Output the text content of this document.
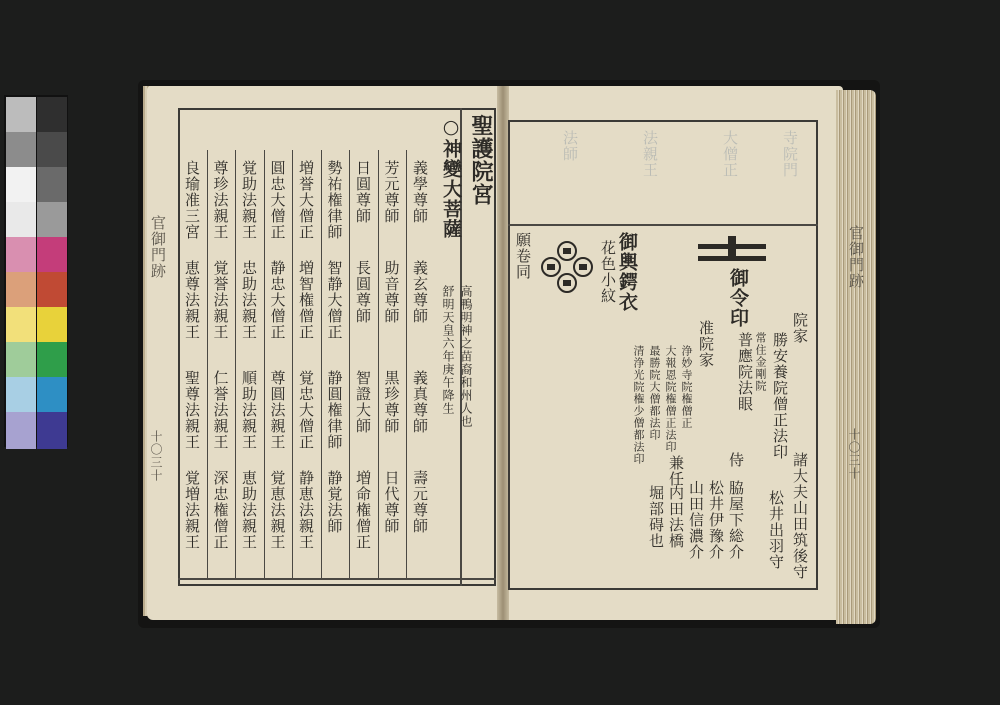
聖護院宮
○神變大菩薩
高鴨明神之苗裔和州人也
舒明天皇六年庚午降生
義學尊師
義玄尊師
義真尊師
壽元尊師
芳元尊師
助音尊師
黒珍尊師
日代尊師
日圓尊師
長圓尊師
智證大師
増命権僧正
勢祐権律師
智静大僧正
静圓権律師
静覚法師
増誉大僧正
増智権僧正
覚忠大僧正
静恵法親王
圓忠大僧正
静忠大僧正
尊圓法親王
覚恵法親王
覚助法親王
忠助法親王
順助法親王
恵助法親王
尊珍法親王
覚誉法親王
仁誉法親王
深忠権僧正
良瑜准三宮
恵尊法親王
聖尊法親王
覚増法親王
官御門跡
十〇三十
寺院門
大僧正
法親王
法師
御令印
御輿鍔衣
花色小紋
願卷同
院家
勝安養院僧正法印
常住金剛院
普應院法眼
准院家
浄妙寺院権僧正
大報恩院権僧正法印
最勝院大僧都法印
清浄光院権少僧都法印
諸大夫
山田筑後守
松井出羽守
侍
脇屋下総介
松井伊豫介
山田信濃介
兼任
内田法橋
堀部碍也
官御門跡
十〇三十
